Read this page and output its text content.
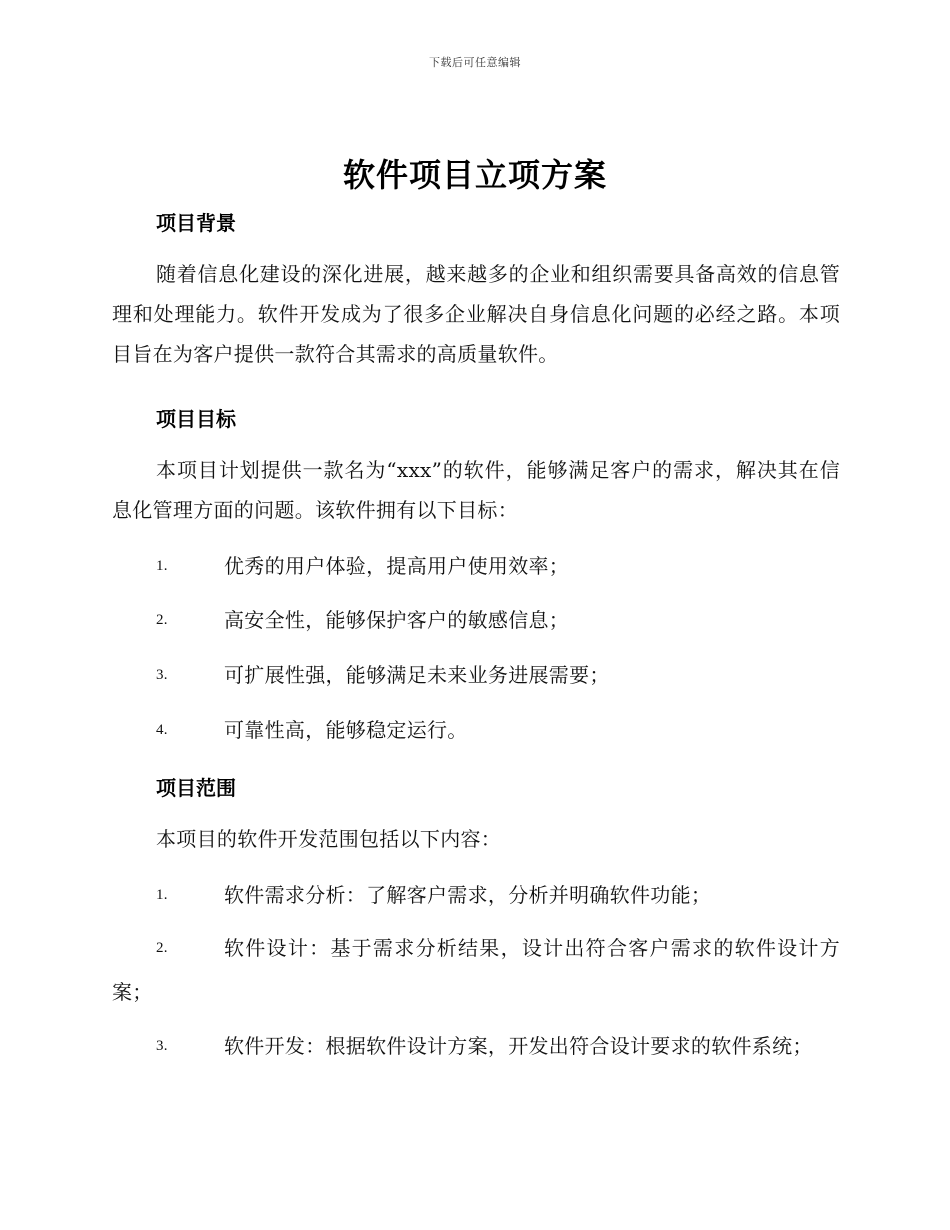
下载后可任意编辑
软件项目立项方案
项目背景
随着信息化建设的深化进展，越来越多的企业和组织需要具备高效的信息管理和处理能力。软件开发成为了很多企业解决自身信息化问题的必经之路。本项目旨在为客户提供一款符合其需求的高质量软件。
项目目标
本项目计划提供一款名为“xxx”的软件，能够满足客户的需求，解决其在信息化管理方面的问题。该软件拥有以下目标：
1.	优秀的用户体验，提高用户使用效率；
2.	高安全性，能够保护客户的敏感信息；
3.	可扩展性强，能够满足未来业务进展需要；
4.	可靠性高，能够稳定运行。
项目范围
本项目的软件开发范围包括以下内容：
1.	软件需求分析：了解客户需求，分析并明确软件功能；
2.	软件设计：基于需求分析结果，设计出符合客户需求的软件设计方案；
3.	软件开发：根据软件设计方案，开发出符合设计要求的软件系统；
